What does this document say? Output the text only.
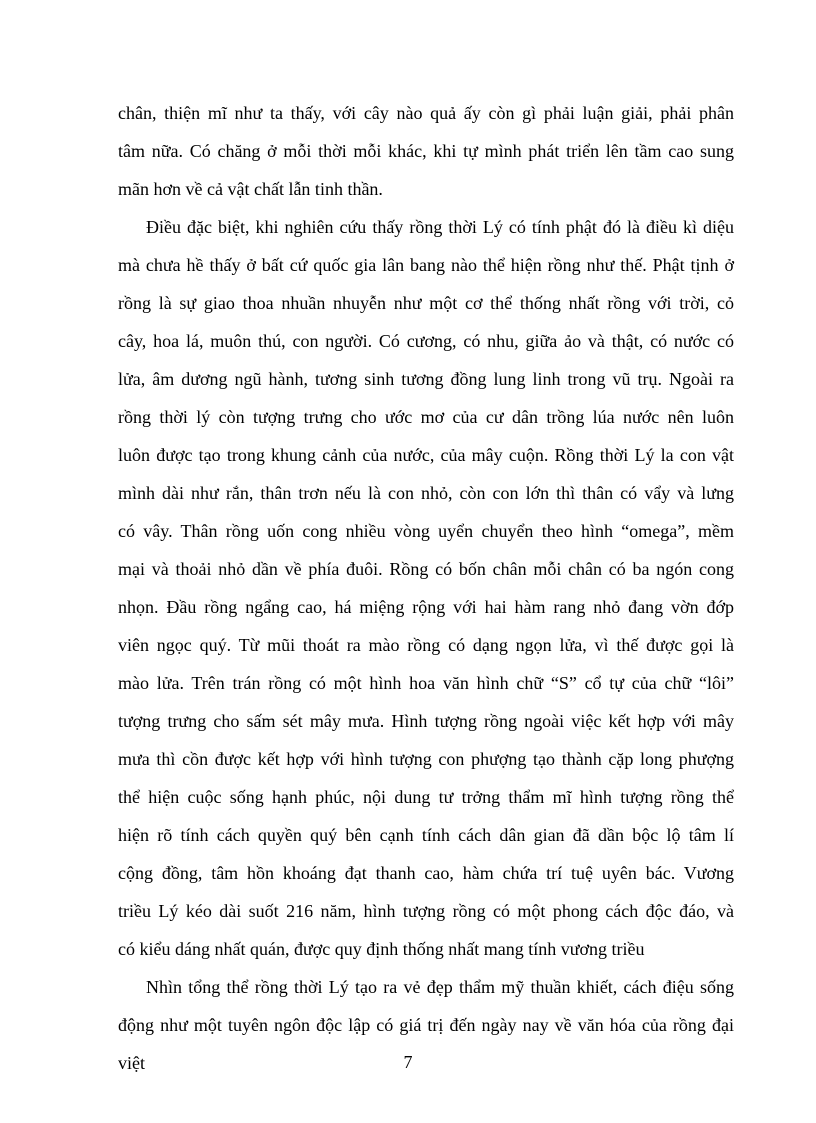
chân, thiện mĩ như ta thấy, với cây nào quả ấy còn gì phải luận giải, phải phân
tâm nữa. Có chăng ở mỗi thời mỗi khác, khi tự mình phát triển lên tầm cao sung
mãn hơn về cả vật chất lẫn tinh thần.
Điều đặc biệt, khi nghiên cứu thấy rồng thời Lý có tính phật đó là điều kì diệu
mà chưa hề thấy ở bất cứ quốc gia lân bang nào thể hiện rồng như thế. Phật tịnh ở
rồng là sự giao thoa nhuần nhuyễn như một cơ thể thống nhất rồng với trời, cỏ
cây, hoa lá, muôn thú, con người. Có cương, có nhu, giữa ảo và thật, có nước có
lửa, âm dương ngũ hành, tương sinh tương đồng lung linh trong vũ trụ. Ngoài ra
rồng thời lý còn tượng trưng cho ước mơ của cư dân trồng lúa nước nên luôn
luôn được tạo trong khung cảnh của nước, của mây cuộn. Rồng thời Lý la con vật
mình dài như rắn, thân trơn nếu là con nhỏ, còn con lớn thì thân có vẩy và lưng
có vây. Thân rồng uốn cong nhiều vòng uyển chuyển theo hình “omega”, mềm
mại và thoải nhỏ dần về phía đuôi. Rồng có bốn chân mỗi chân có ba ngón cong
nhọn. Đầu rồng ngẩng cao, há miệng rộng với hai hàm rang nhỏ đang vờn đớp
viên ngọc quý. Từ mũi thoát ra mào rồng có dạng ngọn lửa, vì thế được gọi là
mào lửa. Trên trán rồng có một hình hoa văn hình chữ “S” cổ tự của chữ “lôi”
tượng trưng cho sấm sét mây mưa. Hình tượng rồng ngoài việc kết hợp với mây
mưa thì cồn được kết hợp với hình tượng con phượng tạo thành cặp long phượng
thể hiện cuộc sống hạnh phúc, nội dung tư trởng thẩm mĩ hình tượng rồng thể
hiện rõ tính cách quyền quý bên cạnh tính cách dân gian đã dần bộc lộ tâm lí
cộng đồng, tâm hồn khoáng đạt thanh cao, hàm chứa trí tuệ uyên bác. Vương
triều Lý kéo dài suốt 216 năm, hình tượng rồng có một phong cách độc đáo, và
có kiểu dáng nhất quán, được quy định thống nhất mang tính vương triều
Nhìn tổng thể rồng thời Lý tạo ra vẻ đẹp thẩm mỹ thuần khiết, cách điệu sống
động như một tuyên ngôn độc lập có giá trị đến ngày nay về văn hóa của rồng đại
việt	7
